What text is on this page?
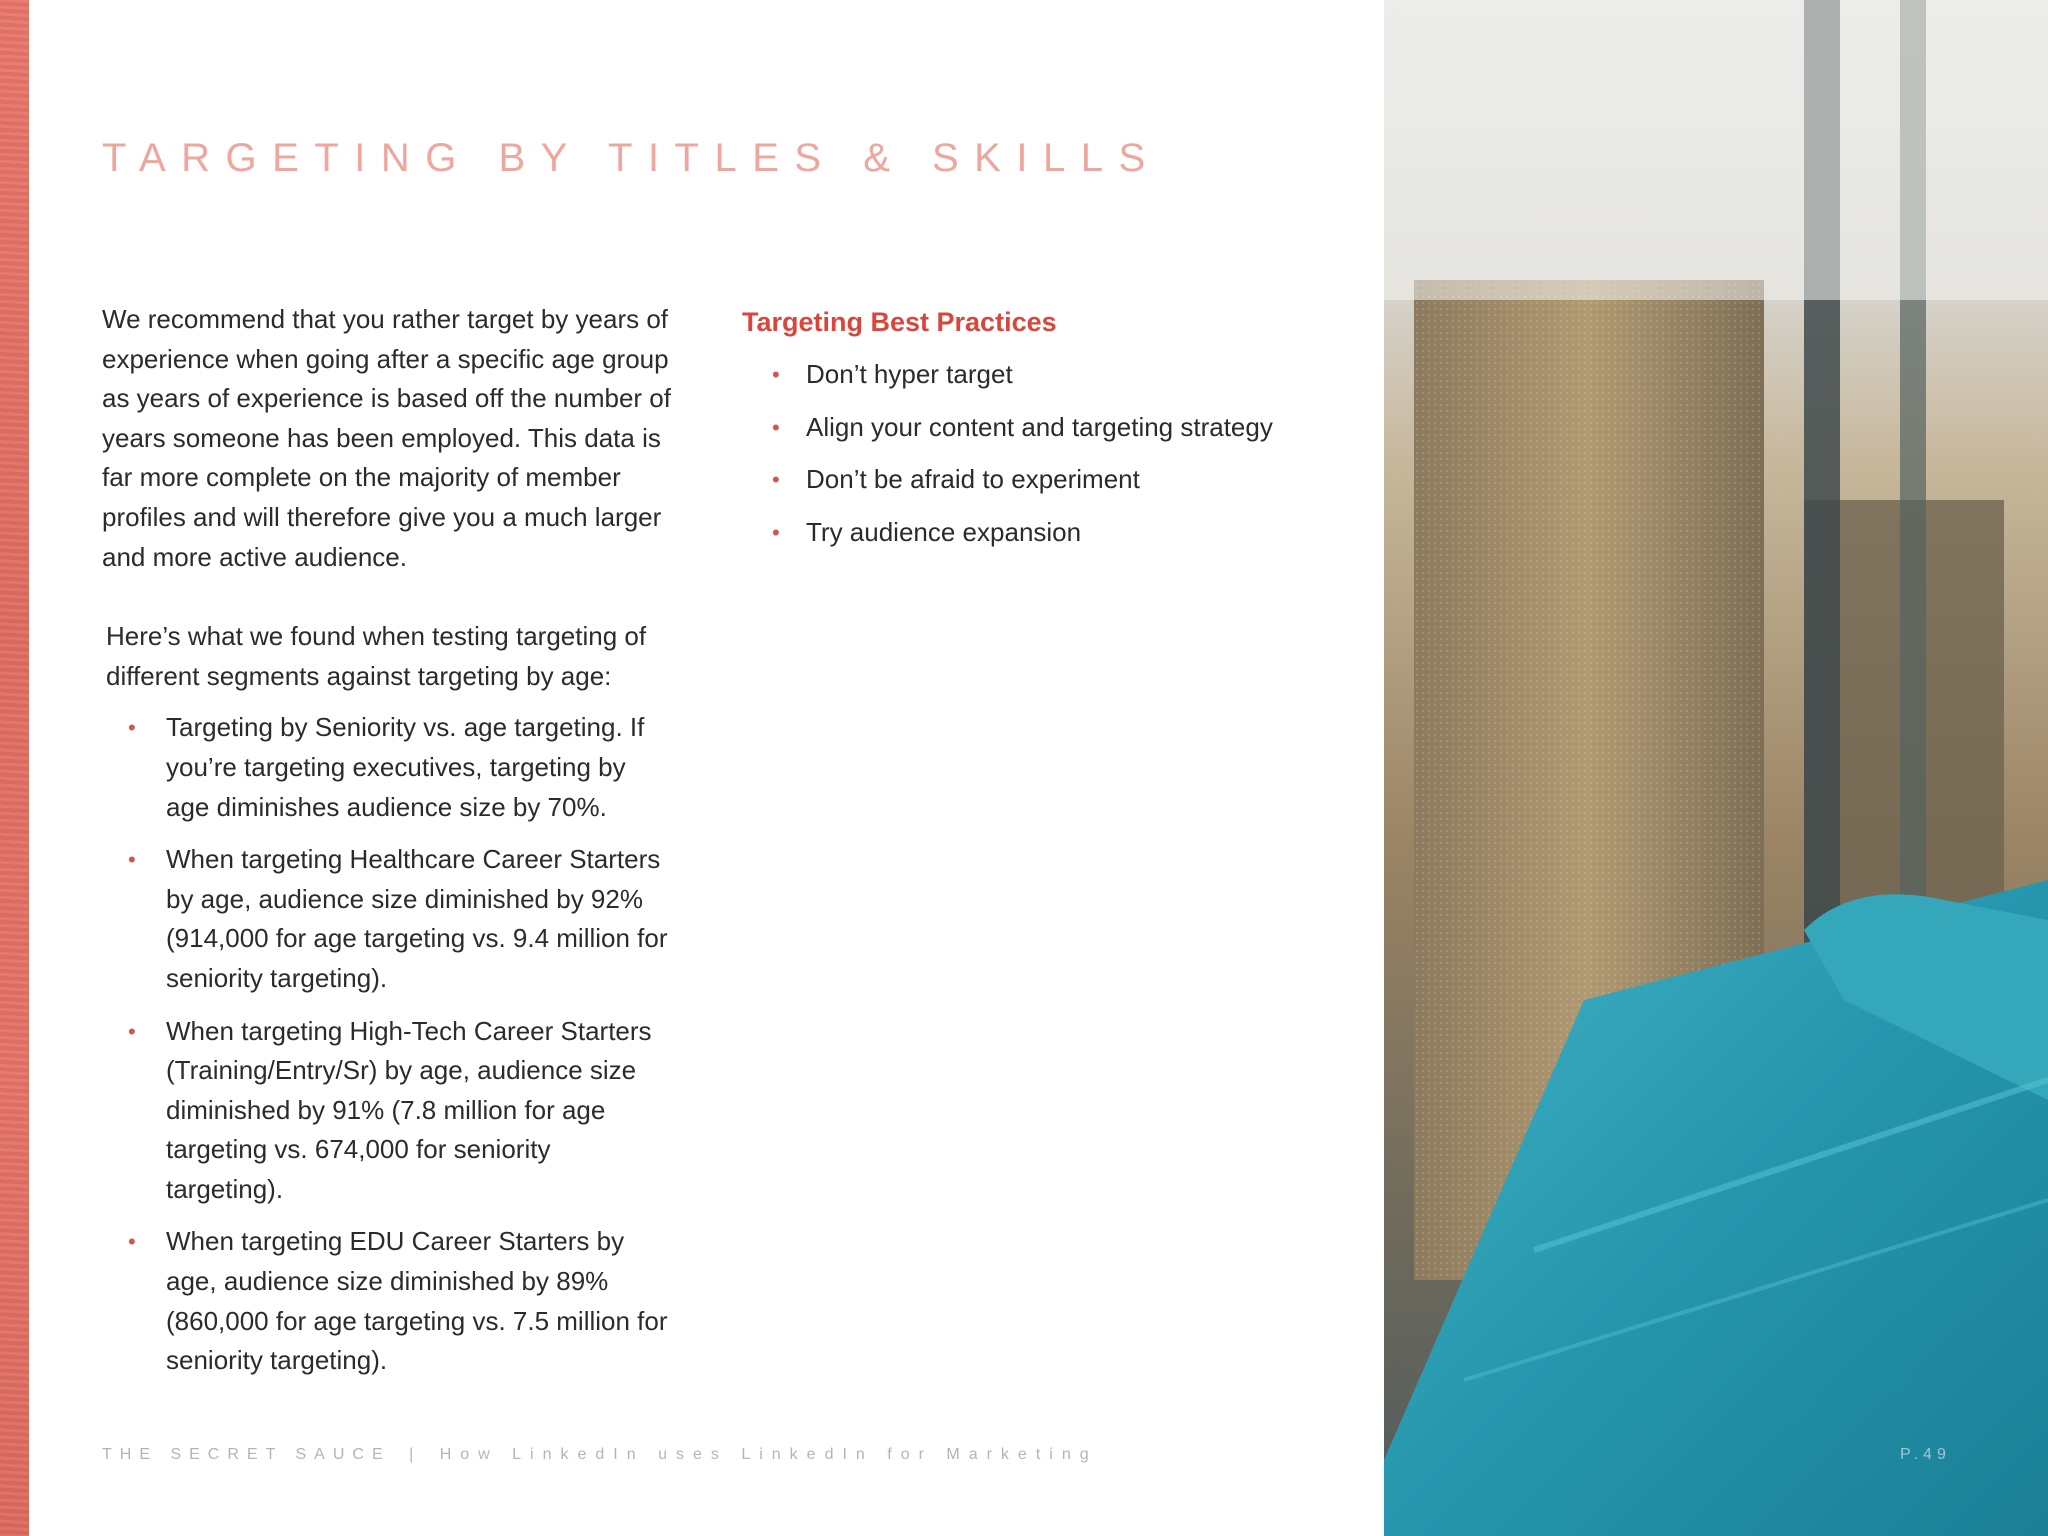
TARGETING BY TITLES & SKILLS

We recommend that you rather target by years of experience when going after a specific age group as years of experience is based off the number of years someone has been employed. This data is far more complete on the majority of member profiles and will therefore give you a much larger and more active audience.

Here’s what we found when testing targeting of different segments against targeting by age:

• Targeting by Seniority vs. age targeting. If you’re targeting executives, targeting by age diminishes audience size by 70%.
• When targeting Healthcare Career Starters by age, audience size diminished by 92% (914,000 for age targeting vs. 9.4 million for seniority targeting).
• When targeting High-Tech Career Starters (Training/Entry/Sr) by age, audience size diminished by 91% (7.8 million for age targeting vs. 674,000 for seniority targeting).
• When targeting EDU Career Starters by age, audience size diminished by 89% (860,000 for age targeting vs. 7.5 million for seniority targeting).
Targeting Best Practices
• Don’t hyper target
• Align your content and targeting strategy
• Don’t be afraid to experiment
• Try audience expansion
THE SECRET SAUCE | How LinkedIn uses LinkedIn for Marketing	P.49
